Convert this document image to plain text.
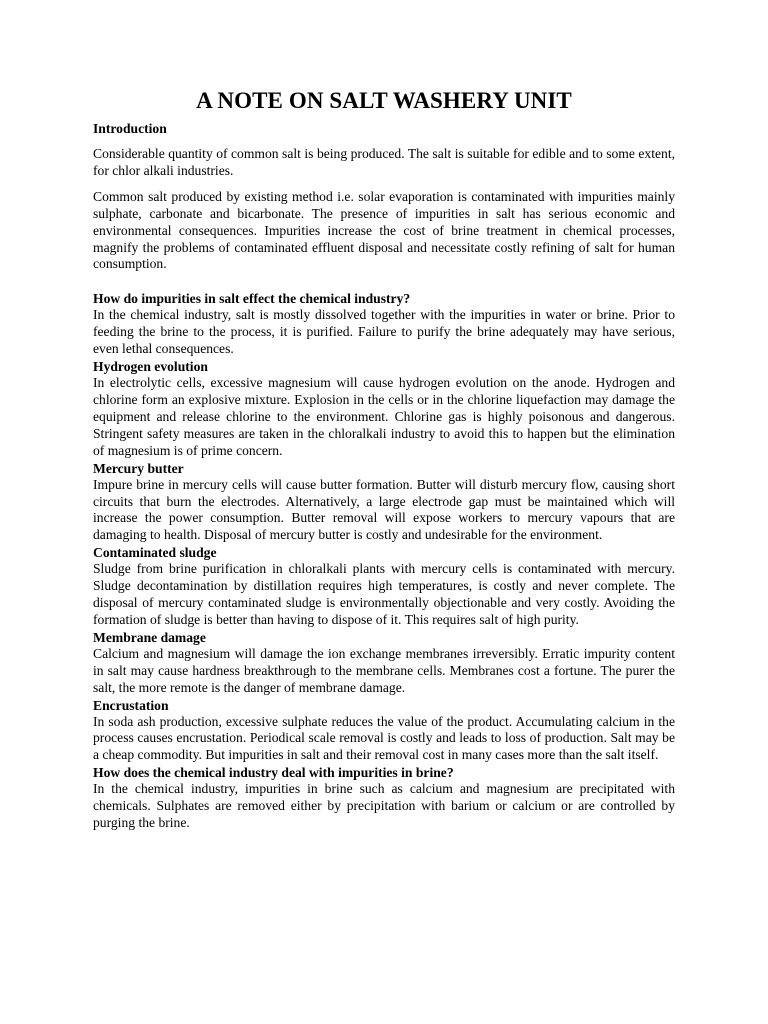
A NOTE ON SALT WASHERY UNIT

Introduction

Considerable quantity of common salt is being produced. The salt is suitable for edible and to some extent, for chlor alkali industries.

Common salt produced by existing method i.e. solar evaporation is contaminated with impurities mainly sulphate, carbonate and bicarbonate. The presence of impurities in salt has serious economic and environmental consequences. Impurities increase the cost of brine treatment in chemical processes, magnify the problems of contaminated effluent disposal and necessitate costly refining of salt for human consumption.

How do impurities in salt effect the chemical industry?

In the chemical industry, salt is mostly dissolved together with the impurities in water or brine. Prior to feeding the brine to the process, it is purified. Failure to purify the brine adequately may have serious, even lethal consequences.

Hydrogen evolution

In electrolytic cells, excessive magnesium will cause hydrogen evolution on the anode. Hydrogen and chlorine form an explosive mixture. Explosion in the cells or in the chlorine liquefaction may damage the equipment and release chlorine to the environment. Chlorine gas is highly poisonous and dangerous. Stringent safety measures are taken in the chloralkali industry to avoid this to happen but the elimination of magnesium is of prime concern.

Mercury butter

Impure brine in mercury cells will cause butter formation. Butter will disturb mercury flow, causing short circuits that burn the electrodes. Alternatively, a large electrode gap must be maintained which will increase the power consumption. Butter removal will expose workers to mercury vapours that are damaging to health. Disposal of mercury butter is costly and undesirable for the environment.

Contaminated sludge

Sludge from brine purification in chloralkali plants with mercury cells is contaminated with mercury. Sludge decontamination by distillation requires high temperatures, is costly and never complete. The disposal of mercury contaminated sludge is environmentally objectionable and very costly. Avoiding the formation of sludge is better than having to dispose of it. This requires salt of high purity.

Membrane damage

Calcium and magnesium will damage the ion exchange membranes irreversibly. Erratic impurity content in salt may cause hardness breakthrough to the membrane cells. Membranes cost a fortune. The purer the salt, the more remote is the danger of membrane damage.

Encrustation

In soda ash production, excessive sulphate reduces the value of the product. Accumulating calcium in the process causes encrustation. Periodical scale removal is costly and leads to loss of production. Salt may be a cheap commodity. But impurities in salt and their removal cost in many cases more than the salt itself.

How does the chemical industry deal with impurities in brine?

In the chemical industry, impurities in brine such as calcium and magnesium are precipitated with chemicals. Sulphates are removed either by precipitation with barium or calcium or are controlled by purging the brine.
